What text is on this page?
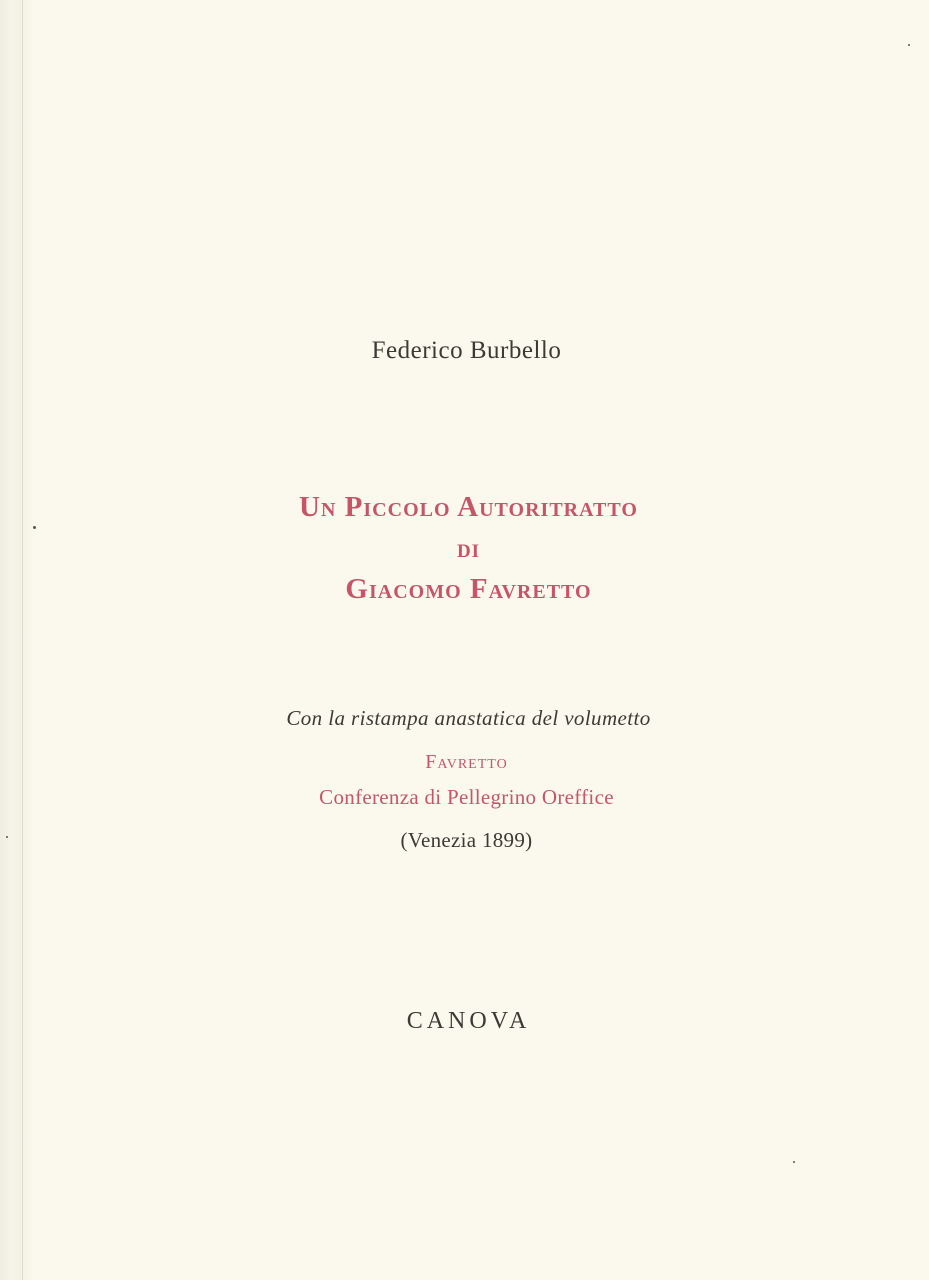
Federico Burbello

Un Piccolo Autoritratto

di

Giacomo Favretto

Con la ristampa anastatica del volumetto

Favretto

Conferenza di Pellegrino Oreffice

(Venezia 1899)

CANOVA
